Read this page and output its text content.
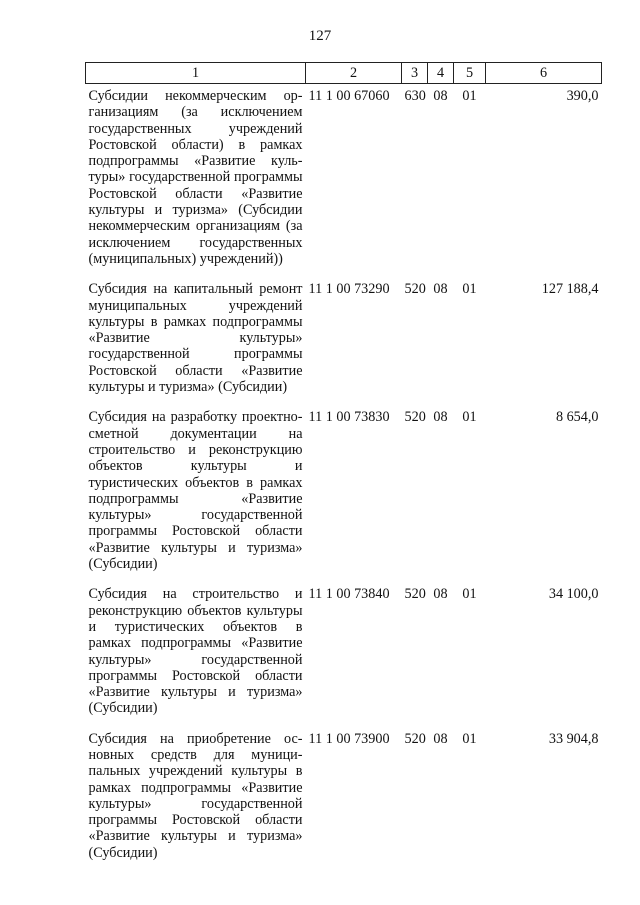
127
1	2	3	4	5	6
Субсидии некоммерческим организациям (за исключением государственных учреждений Ростовской области) в рамках подпрограммы «Развитие культуры» государственной программы Ростовской области «Развитие культуры и туризма» (Субсидии некоммерческим организациям (за исключением государственных (муниципальных) учреждений))	11 1 00 67060	630	08	01	390,0
Субсидия на капитальный ремонт муниципальных учреждений культуры в рамках подпрограммы «Развитие культуры» государственной программы Ростовской области «Развитие культуры и туризма» (Субсидии)	11 1 00 73290	520	08	01	127 188,4
Субсидия на разработку проектно-сметной документации на строительство и реконструкцию объектов культуры и туристических объектов в рамках подпрограммы «Развитие культуры» государственной программы Ростовской области «Развитие культуры и туризма» (Субсидии)	11 1 00 73830	520	08	01	8 654,0
Субсидия на строительство и реконструкцию объектов культуры и туристических объектов в рамках подпрограммы «Развитие культуры» государственной программы Ростовской области «Развитие культуры и туризма» (Субсидии)	11 1 00 73840	520	08	01	34 100,0
Субсидия на приобретение основных средств для муниципальных учреждений культуры в рамках подпрограммы «Развитие культуры» государственной программы Ростовской области «Развитие культуры и туризма» (Субсидии)	11 1 00 73900	520	08	01	33 904,8
